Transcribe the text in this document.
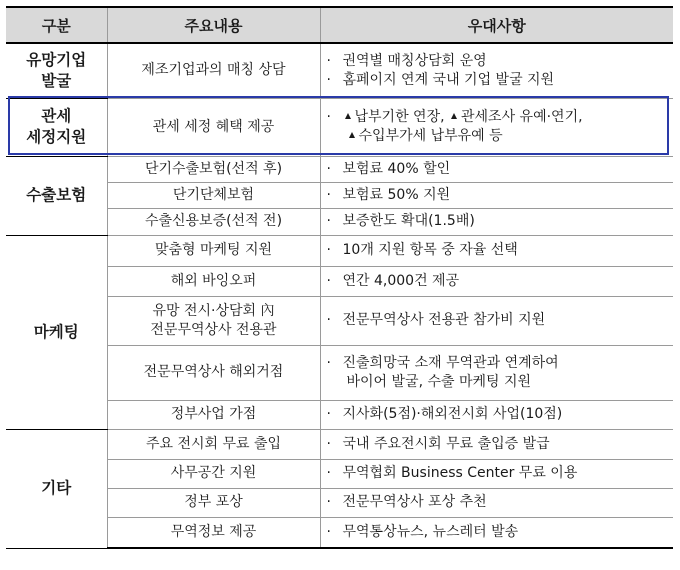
구분	주요내용	우대사항

유망기업
발굴	제조기업과의 매칭 상담	· 권역별 매칭상담회 운영
· 홈페이지 연계 국내 기업 발굴 지원

관세
세정지원	관세 세정 혜택 제공	· 납부기한 연장, 관세조사 유예·연기,
수입부가세 납부유예 등

수출보험	단기수출보험(선적 후)	· 보험료 40% 할인

	단기단체보험	· 보험료 50% 지원

	수출신용보증(선적 전)	· 보증한도 확대(1.5배)

마케팅	맞춤형 마케팅 지원	· 10개 지원 항목 중 자율 선택

	해외 바잉오퍼	· 연간 4,000건 제공

	유망 전시·상담회 內
전문무역상사 전용관	· 전문무역상사 전용관 참가비 지원

	전문무역상사 해외거점	· 진출희망국 소재 무역관과 연계하여
바이어 발굴, 수출 마케팅 지원

	정부사업 가점	· 지사화(5점)·해외전시회 사업(10점)

기타	주요 전시회 무료 출입	· 국내 주요전시회 무료 출입증 발급

	사무공간 지원	· 무역협회 Business Center 무료 이용

	정부 포상	· 전문무역상사 포상 추천

	무역정보 제공	· 무역통상뉴스, 뉴스레터 발송
